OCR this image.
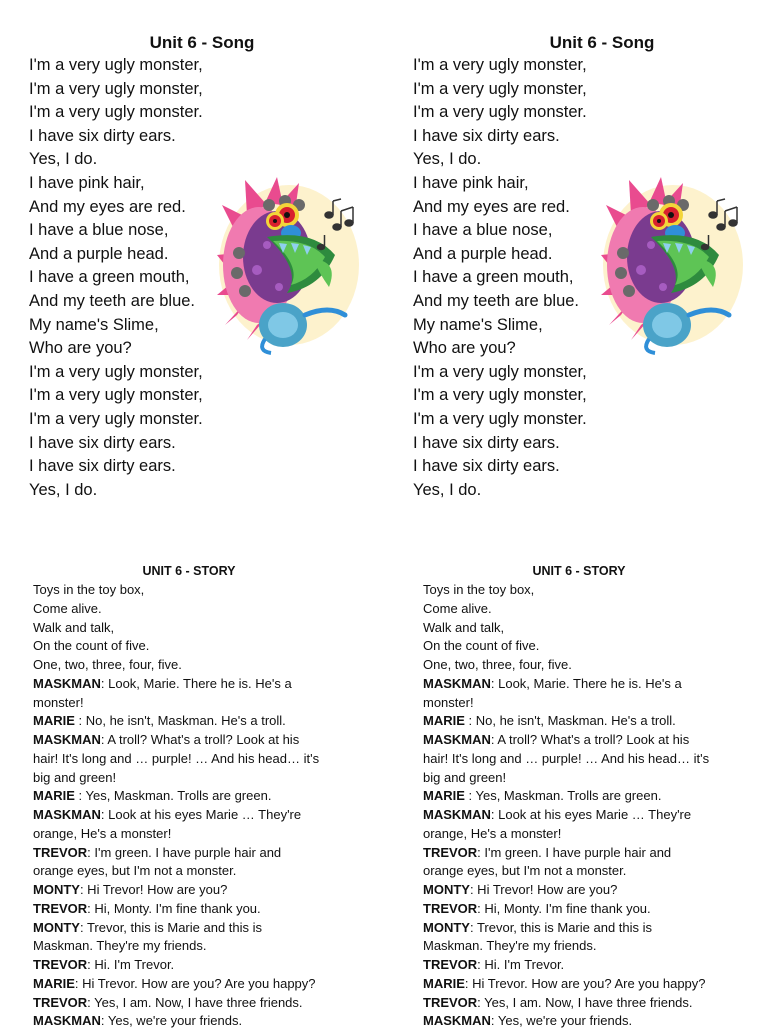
Unit 6 - Song
I'm a very ugly monster,
I'm a very ugly monster,
I'm a very ugly monster.
I have six dirty ears.
Yes, I do.
I have pink hair,
And my eyes are red.
I have a blue nose,
And a purple head.
I have a green mouth,
And my teeth are blue.
My name's Slime,
Who are you?
I'm a very ugly monster,
I'm a very ugly monster,
I'm a very ugly monster.
I have six dirty ears.
I have six dirty ears.
Yes, I do.
UNIT 6 - STORY
Toys in the toy box,
Come alive.
Walk and talk,
On the count of five.
One, two, three, four, five.
MASKMAN: Look, Marie. There he is. He's a
monster!
MARIE : No, he isn't, Maskman. He's a troll.
MASKMAN: A troll? What's a troll? Look at his
hair! It's long and … purple! … And his head… it's
big and green!
MARIE : Yes, Maskman. Trolls are green.
MASKMAN: Look at his eyes Marie … They're
orange, He's a monster!
TREVOR: I'm green. I have purple hair and
orange eyes, but I'm not a monster.
MONTY: Hi Trevor! How are you?
TREVOR: Hi, Monty. I'm fine thank you.
MONTY: Trevor, this is Marie and this is
Maskman. They're my friends.
TREVOR: Hi. I'm Trevor.
MARIE: Hi Trevor. How are you? Are you happy?
TREVOR: Yes, I am. Now, I have three friends.
MASKMAN: Yes, we're your friends.
Unit 6 - Song
I'm a very ugly monster,
I'm a very ugly monster,
I'm a very ugly monster.
I have six dirty ears.
Yes, I do.
I have pink hair,
And my eyes are red.
I have a blue nose,
And a purple head.
I have a green mouth,
And my teeth are blue.
My name's Slime,
Who are you?
I'm a very ugly monster,
I'm a very ugly monster,
I'm a very ugly monster.
I have six dirty ears.
I have six dirty ears.
Yes, I do.
UNIT 6 - STORY
Toys in the toy box,
Come alive.
Walk and talk,
On the count of five.
One, two, three, four, five.
MASKMAN: Look, Marie. There he is. He's a
monster!
MARIE : No, he isn't, Maskman. He's a troll.
MASKMAN: A troll? What's a troll? Look at his
hair! It's long and … purple! … And his head… it's
big and green!
MARIE : Yes, Maskman. Trolls are green.
MASKMAN: Look at his eyes Marie … They're
orange, He's a monster!
TREVOR: I'm green. I have purple hair and
orange eyes, but I'm not a monster.
MONTY: Hi Trevor! How are you?
TREVOR: Hi, Monty. I'm fine thank you.
MONTY: Trevor, this is Marie and this is
Maskman. They're my friends.
TREVOR: Hi. I'm Trevor.
MARIE: Hi Trevor. How are you? Are you happy?
TREVOR: Yes, I am. Now, I have three friends.
MASKMAN: Yes, we're your friends.
